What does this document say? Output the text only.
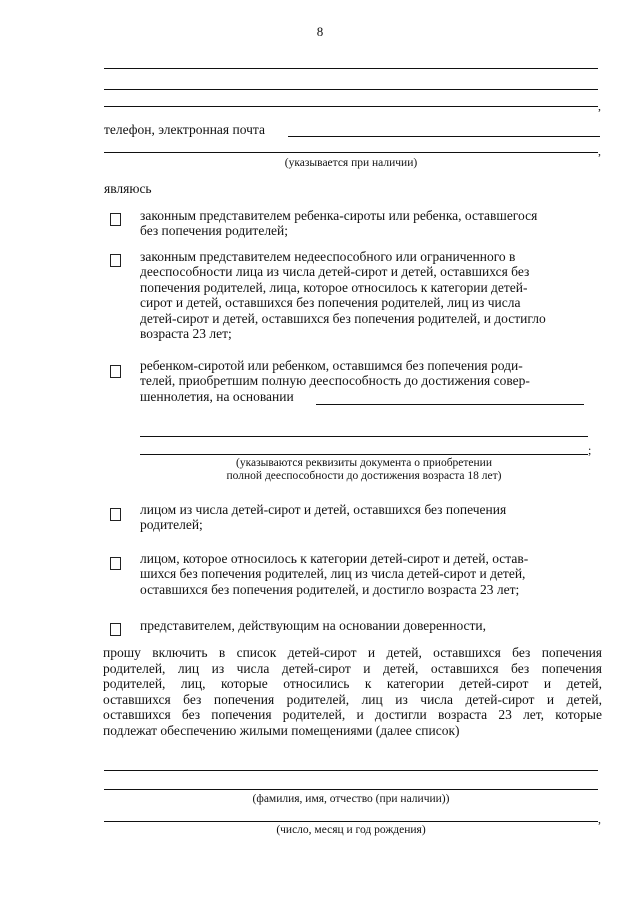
8
,
телефон, электронная почта
,
(указывается при наличии)
являюсь
законным представителем ребенка-сироты или ребенка, оставшегося
без попечения родителей;
законным представителем недееспособного или ограниченного в
дееспособности лица из числа детей-сирот и детей, оставшихся без
попечения родителей, лица, которое относилось к категории детей-
сирот и детей, оставшихся без попечения родителей, лиц из числа
детей-сирот и детей, оставшихся без попечения родителей, и достигло
возраста 23 лет;
ребенком-сиротой или ребенком, оставшимся без попечения роди-
телей, приобретшим полную дееспособность до достижения совер-
шеннолетия, на основании
;
(указываются реквизиты документа о приобретении
полной дееспособности до достижения возраста 18 лет)
лицом из числа детей-сирот и детей, оставшихся без попечения
родителей;
лицом, которое относилось к категории детей-сирот и детей, остав-
шихся без попечения родителей, лиц из числа детей-сирот и детей,
оставшихся без попечения родителей, и достигло возраста 23 лет;
представителем, действующим на основании доверенности,
прошу включить в список детей-сирот и детей, оставшихся без попечения
родителей, лиц из числа детей-сирот и детей, оставшихся без попечения
родителей, лиц, которые относились к категории детей-сирот и детей,
оставшихся без попечения родителей, лиц из числа детей-сирот и детей,
оставшихся без попечения родителей, и достигли возраста 23 лет, которые
подлежат обеспечению жилыми помещениями (далее список)
(фамилия, имя, отчество (при наличии))
,
(число, месяц и год рождения)
